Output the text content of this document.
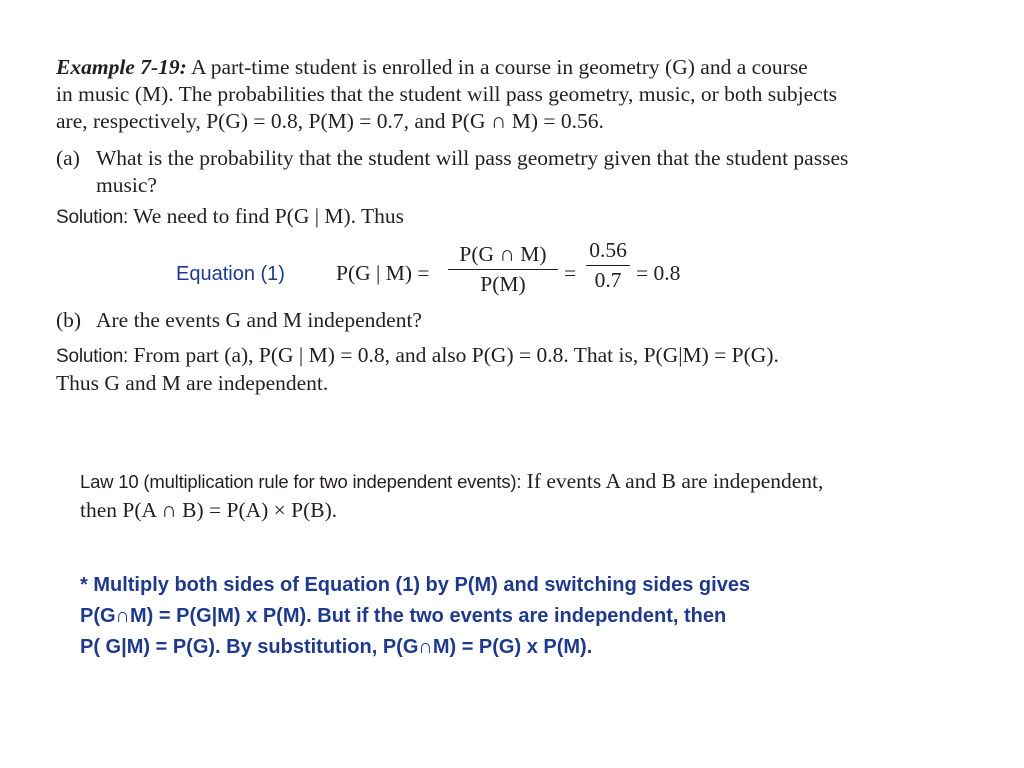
Example 7-19: A part-time student is enrolled in a course in geometry (G) and a course
in music (M). The probabilities that the student will pass geometry, music, or both subjects
are, respectively, P(G) = 0.8, P(M) = 0.7, and P(G ∩ M) = 0.56.
(a) What is the probability that the student will pass geometry given that the student passes
music?
Solution: We need to find P(G | M). Thus
Equation (1) P(G | M) =
P(G ∩ M)
P(M)	=
0.56
0.7 = 0.8
(b) Are the events G and M independent?
Solution: From part (a), P(G | M) = 0.8, and also P(G) = 0.8. That is, P(G|M) = P(G).
Thus G and M are independent.
Law 10 (multiplication rule for two independent events): If events A and B are independent,
then P(A ∩ B) = P(A) × P(B).
* Multiply both sides of Equation (1) by P(M) and switching sides gives
P(G∩M) = P(G|M) x P(M). But if the two events are independent, then
P( G|M) = P(G). By substitution, P(G∩M) = P(G) x P(M).
